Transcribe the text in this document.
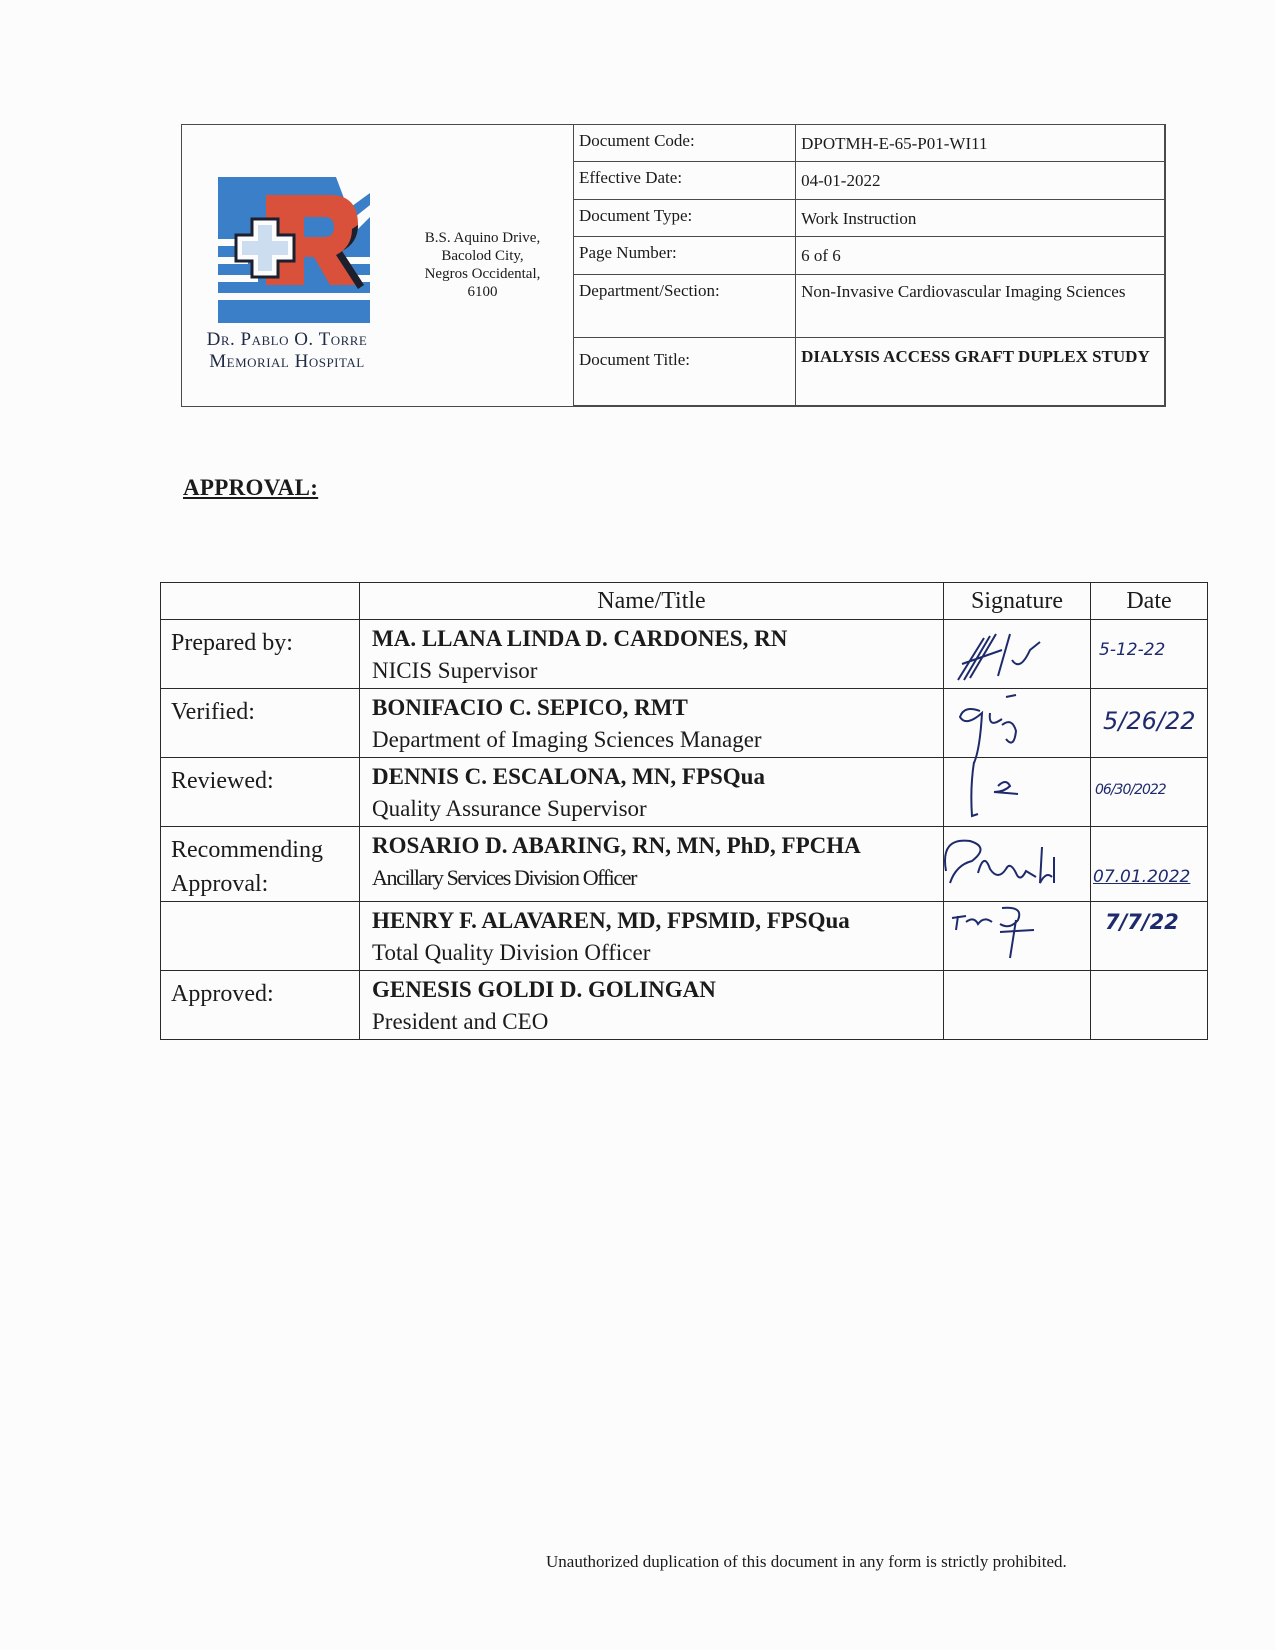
Dr. Pablo O. Torre
Memorial Hospital
B.S. Aquino Drive,
Bacolod City,
Negros Occidental,
6100
Document Code:	DPOTMH-E-65-P01-WI11
Effective Date:	04-01-2022
Document Type:	Work Instruction
Page Number:	6 of 6
Department/Section:	Non-Invasive Cardiovascular Imaging Sciences
Document Title:	DIALYSIS ACCESS GRAFT DUPLEX STUDY
APPROVAL:
	Name/Title	Signature	Date
Prepared by:	MA. LLANA LINDA D. CARDONES, RN
NICIS Supervisor		5-12-22

Verified:	BONIFACIO C. SEPICO, RMT
Department of Imaging Sciences Manager		5/26/22

Reviewed:	DENNIS C. ESCALONA, MN, FPSQua
Quality Assurance Supervisor		06/30/2022

Recommending Approval:	ROSARIO D. ABARING, RN, MN, PhD, FPCHA
Ancillary Services Division Officer		07.01.2022

	HENRY F. ALAVAREN, MD, FPSMID, FPSQua
Total Quality Division Officer		7/7/22

Approved:	GENESIS GOLDI D. GOLINGAN
President and CEO		

Unauthorized duplication of this document in any form is strictly prohibited.
